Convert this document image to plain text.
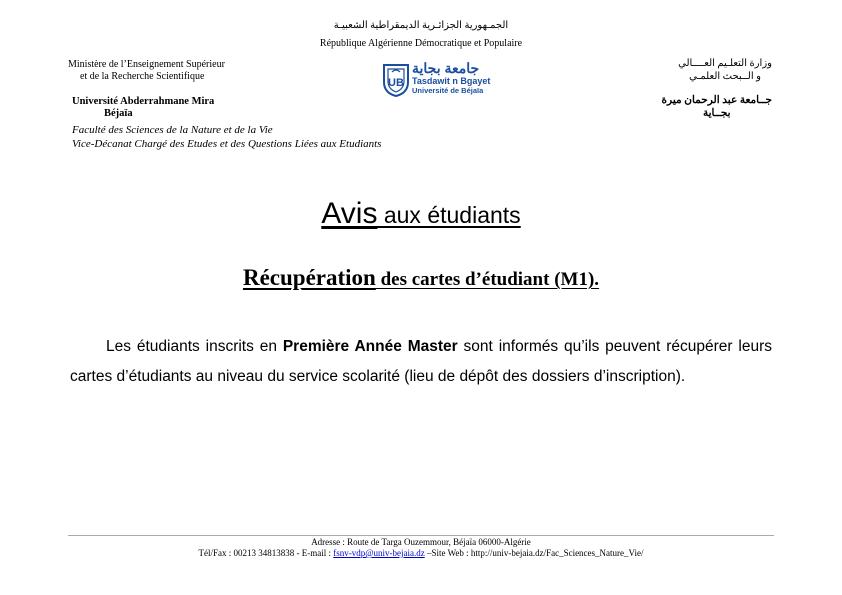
الجمـهورية الجزائـرية الديمقراطية الشعبيـة
République Algérienne Démocratique et Populaire
Ministère de l’Enseignement Supérieur
et de la Recherche Scientifique
Université Abderrahmane Mira
Béjaïa
Faculté des Sciences de la Nature et de la Vie
Vice-Décanat Chargé des Etudes et des Questions Liées aux Etudiants
وزارة التعلـيم العــــالي
و الــبحث العلمـي
جــامعة عبد الرحمان ميرة
بجــاية
UB
جامعة بجاية
Tasdawit n Bgayet
Université de Béjaïa
Avis aux étudiants
Récupération des cartes d’étudiant (M1).
Les étudiants inscrits en Première Année Master sont informés qu’ils peuvent récupérer leurs cartes d’étudiants au niveau du service scolarité (lieu de dépôt des dossiers d’inscription).
Adresse : Route de Targa Ouzemmour, Béjaïa 06000-Algérie
Tél/Fax : 00213 34813838 - E-mail : fsnv-vdp@univ-bejaia.dz –Site Web : http://univ-bejaia.dz/Fac_Sciences_Nature_Vie/
